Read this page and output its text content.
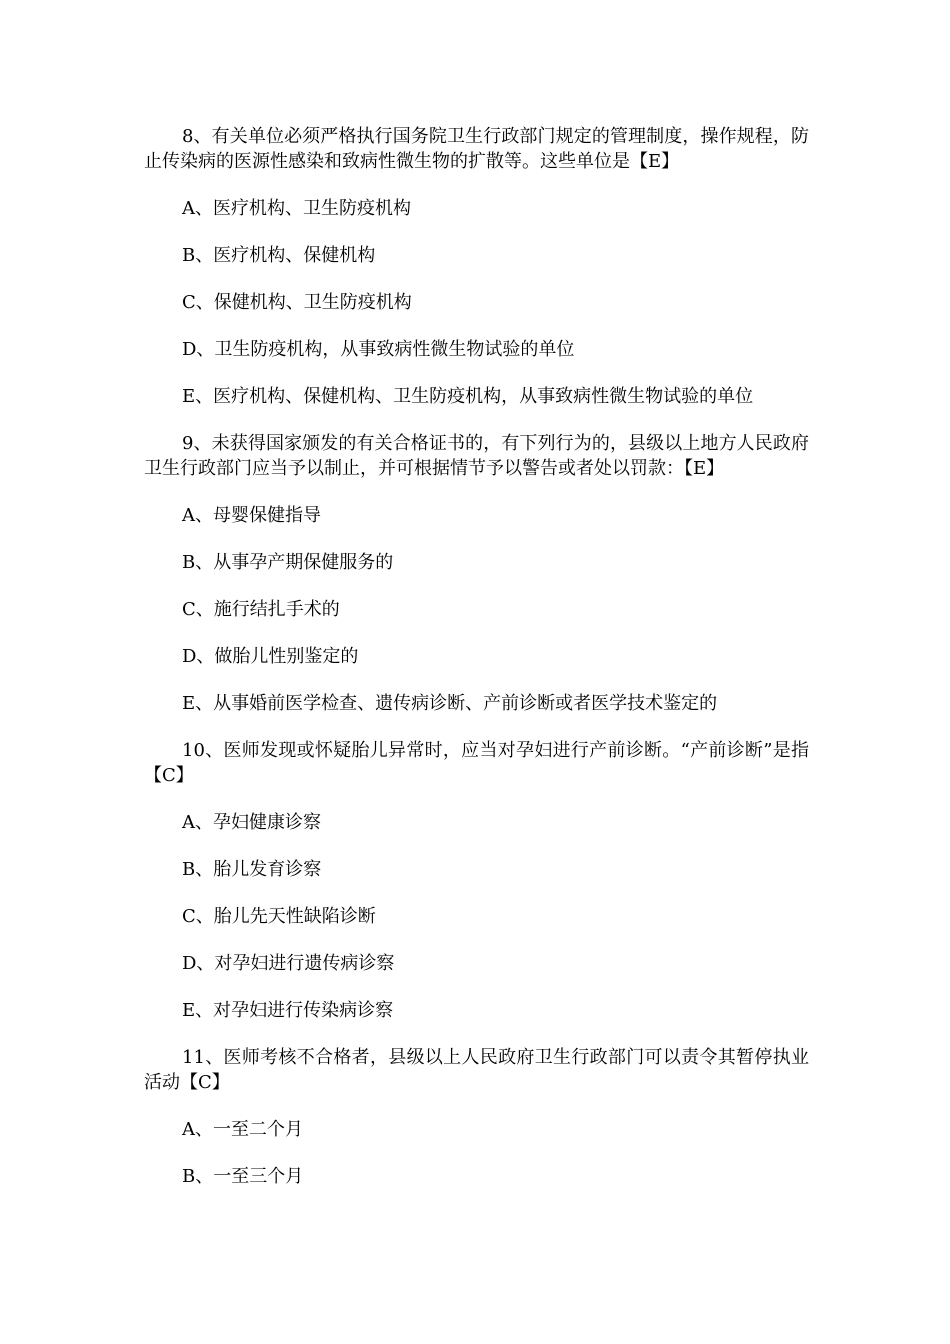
8、有关单位必须严格执行国务院卫生行政部门规定的管理制度，操作规程，防止传染病的医源性感染和致病性微生物的扩散等。这些单位是【E】

A、医疗机构、卫生防疫机构

B、医疗机构、保健机构

C、保健机构、卫生防疫机构

D、卫生防疫机构，从事致病性微生物试验的单位

E、医疗机构、保健机构、卫生防疫机构，从事致病性微生物试验的单位

9、未获得国家颁发的有关合格证书的，有下列行为的，县级以上地方人民政府卫生行政部门应当予以制止，并可根据情节予以警告或者处以罚款：【E】

A、母婴保健指导

B、从事孕产期保健服务的

C、施行结扎手术的

D、做胎儿性别鉴定的

E、从事婚前医学检查、遗传病诊断、产前诊断或者医学技术鉴定的

10、医师发现或怀疑胎儿异常时，应当对孕妇进行产前诊断。“产前诊断”是指【C】

A、孕妇健康诊察

B、胎儿发育诊察

C、胎儿先天性缺陷诊断

D、对孕妇进行遗传病诊察

E、对孕妇进行传染病诊察

11、医师考核不合格者，县级以上人民政府卫生行政部门可以责令其暂停执业活动【C】

A、一至二个月

B、一至三个月
